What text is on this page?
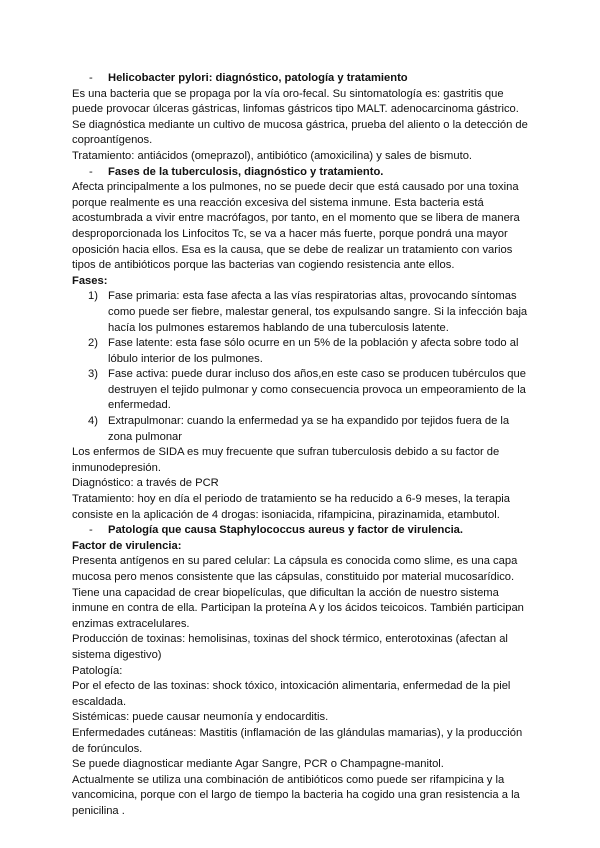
- Helicobacter pylori: diagnóstico, patología y tratamiento

Es una bacteria que se propaga por la vía oro-fecal. Su sintomatología es: gastritis que puede provocar úlceras gástricas, linfomas gástricos tipo MALT. adenocarcinoma gástrico.

Se diagnóstica mediante un cultivo de mucosa gástrica, prueba del aliento o la detección de coproantígenos.

Tratamiento: antiácidos (omeprazol), antibiótico (amoxicilina) y sales de bismuto.

- Fases de la tuberculosis, diagnóstico y tratamiento.

Afecta principalmente a los pulmones, no se puede decir que está causado por una toxina porque realmente es una reacción excesiva del sistema inmune. Esta bacteria está acostumbrada a vivir entre macrófagos, por tanto, en el momento que se libera de manera desproporcionada los Linfocitos Tc, se va a hacer más fuerte, porque pondrá una mayor oposición hacia ellos. Esa es la causa, que se debe de realizar un tratamiento con varios tipos de antibióticos porque las bacterias van cogiendo resistencia ante ellos.

Fases:

1) Fase primaria: esta fase afecta a las vías respiratorias altas, provocando síntomas como puede ser fiebre, malestar general, tos expulsando sangre. Si la infección baja hacía los pulmones estaremos hablando de una tuberculosis latente.
2) Fase latente: esta fase sólo ocurre en un 5% de la población y afecta sobre todo al lóbulo interior de los pulmones.
3) Fase activa: puede durar incluso dos años,en este caso se producen tubérculos que destruyen el tejido pulmonar y como consecuencia provoca un empeoramiento de la enfermedad.
4) Extrapulmonar: cuando la enfermedad ya se ha expandido por tejidos fuera de la zona pulmonar

Los enfermos de SIDA es muy frecuente que sufran tuberculosis debido a su factor de inmunodepresión.

Diagnóstico: a través de PCR

Tratamiento: hoy en día el periodo de tratamiento se ha reducido a 6-9 meses, la terapia consiste en la aplicación de 4 drogas: isoniacida, rifampicina, pirazinamida, etambutol.

- Patología que causa Staphylococcus aureus y factor de virulencia.

Factor de virulencia:

Presenta antígenos en su pared celular: La cápsula es conocida como slime, es una capa mucosa pero menos consistente que las cápsulas, constituido por material mucosarídico.

Tiene una capacidad de crear biopelículas, que dificultan la acción de nuestro sistema inmune en contra de ella. Participan la proteína A y los ácidos teicoicos. También participan enzimas extracelulares.

Producción de toxinas: hemolisinas, toxinas del shock térmico, enterotoxinas (afectan al sistema digestivo)

Patología:

Por el efecto de las toxinas: shock tóxico, intoxicación alimentaria, enfermedad de la piel escaldada.

Sistémicas: puede causar neumonía y endocarditis.

Enfermedades cutáneas: Mastitis (inflamación de las glándulas mamarias), y la producción de forúnculos.

Se puede diagnosticar mediante Agar Sangre, PCR o Champagne-manitol.

Actualmente se utiliza una combinación de antibióticos como puede ser rifampicina y la vancomicina, porque con el largo de tiempo la bacteria ha cogido una gran resistencia a la penicilina .
